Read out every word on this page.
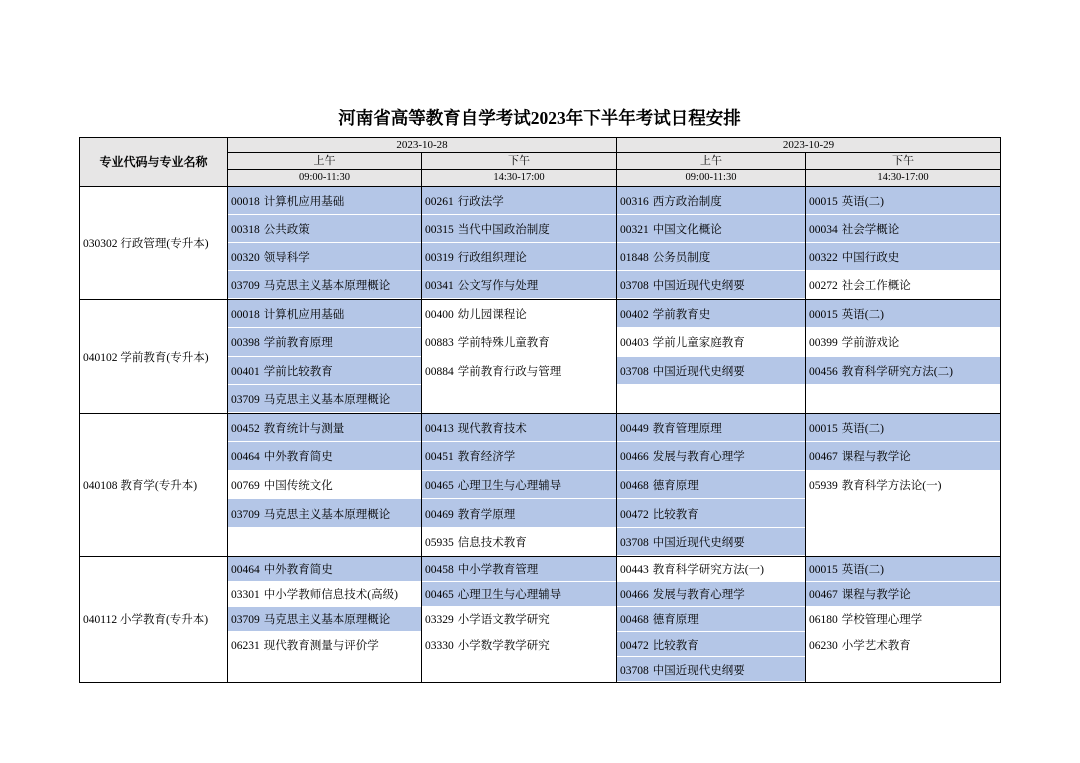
河南省高等教育自学考试2023年下半年考试日程安排
专业代码与专业名称	2023-10-28		2023-10-29	
	上午	下午	上午	下午
	09:00-11:30	14:30-17:00	09:00-11:30	14:30-17:00
030302 行政管理(专升本)	00018 计算机应用基础	00261 行政法学	00316 西方政治制度	00015 英语(二)
	00318 公共政策	00315 当代中国政治制度	00321 中国文化概论	00034 社会学概论
	00320 领导科学	00319 行政组织理论	01848 公务员制度	00322 中国行政史
	03709 马克思主义基本原理概论	00341 公文写作与处理	03708 中国近现代史纲要	00272 社会工作概论
040102 学前教育(专升本)	00018 计算机应用基础	00400 幼儿园课程论	00402 学前教育史	00015 英语(二)
	00398 学前教育原理	00883 学前特殊儿童教育	00403 学前儿童家庭教育	00399 学前游戏论
	00401 学前比较教育	00884 学前教育行政与管理	03708 中国近现代史纲要	00456 教育科学研究方法(二)
	03709 马克思主义基本原理概论			
040108 教育学(专升本)	00452 教育统计与测量	00413 现代教育技术	00449 教育管理原理	00015 英语(二)
	00464 中外教育简史	00451 教育经济学	00466 发展与教育心理学	00467 课程与教学论
	00769 中国传统文化	00465 心理卫生与心理辅导	00468 德育原理	05939 教育科学方法论(一)
	03709 马克思主义基本原理概论	00469 教育学原理	00472 比较教育	
		05935 信息技术教育	03708 中国近现代史纲要	
040112 小学教育(专升本)	00464 中外教育简史	00458 中小学教育管理	00443 教育科学研究方法(一)	00015 英语(二)
	03301 中小学教师信息技术(高级)	00465 心理卫生与心理辅导	00466 发展与教育心理学	00467 课程与教学论
	03709 马克思主义基本原理概论	03329 小学语文教学研究	00468 德育原理	06180 学校管理心理学
	06231 现代教育测量与评价学	03330 小学数学教学研究	00472 比较教育	06230 小学艺术教育
			03708 中国近现代史纲要	
